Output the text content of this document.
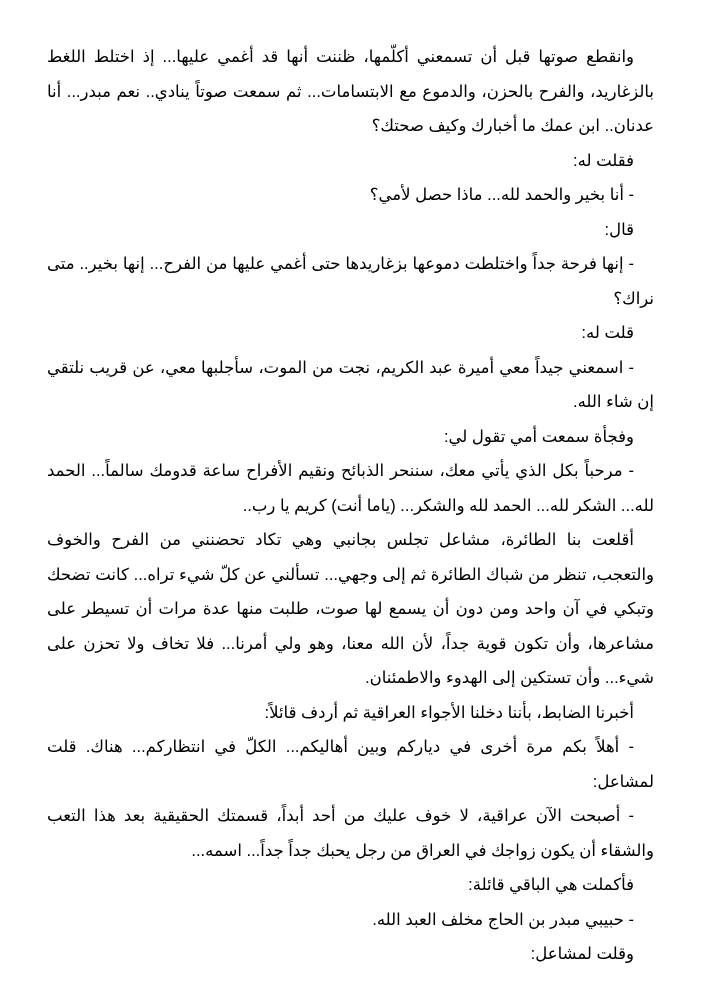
وانقطع صوتها قبل أن تسمعني أكلّمها، ظننت أنها قد أغمي عليها... إذ اختلط اللغط بالزغاريد، والفرح بالحزن، والدموع مع الابتسامات... ثم سمعت صوتاً ينادي.. نعم مبدر... أنا عدنان.. ابن عمك ما أخبارك وكيف صحتك؟

فقلت له:

- أنا بخير والحمد لله... ماذا حصل لأمي؟

قال:

- إنها فرحة جداً واختلطت دموعها بزغاريدها حتى أغمي عليها من الفرح... إنها بخير.. متى نراك؟

قلت له:

- اسمعني جيداً معي أميرة عبد الكريم، نجت من الموت، سأجلبها معي، عن قريب نلتقي إن شاء الله.

وفجأة سمعت أمي تقول لي:

- مرحباً بكل الذي يأتي معك، سننحر الذبائح ونقيم الأفراح ساعة قدومك سالماً... الحمد لله... الشكر لله... الحمد لله والشكر... (ياما أنت) كريم يا رب..

أقلعت بنا الطائرة، مشاعل تجلس بجانبي وهي تكاد تحضنني من الفرح والخوف والتعجب، تنظر من شباك الطائرة ثم إلى وجهي... تسألني عن كلّ شيء تراه... كانت تضحك وتبكي في آن واحد ومن دون أن يسمع لها صوت، طلبت منها عدة مرات أن تسيطر على مشاعرها، وأن تكون قوية جداً، لأن الله معنا، وهو ولي أمرنا... فلا تخاف ولا تحزن على شيء... وأن تستكين إلى الهدوء والاطمئنان.

أخبرنا الضابط، بأننا دخلنا الأجواء العراقية ثم أردف قائلاً:

- أهلاً بكم مرة أخرى في دياركم وبين أهاليكم... الكلّ في انتظاركم... هناك. قلت لمشاعل:

- أصبحت الآن عراقية، لا خوف عليك من أحد أبداً، قسمتك الحقيقية بعد هذا التعب والشقاء أن يكون زواجك في العراق من رجل يحبك جداً جداً... اسمه...

فأكملت هي الباقي قائلة:

- حبيبي مبدر بن الحاج مخلف العبد الله.

وقلت لمشاعل:
